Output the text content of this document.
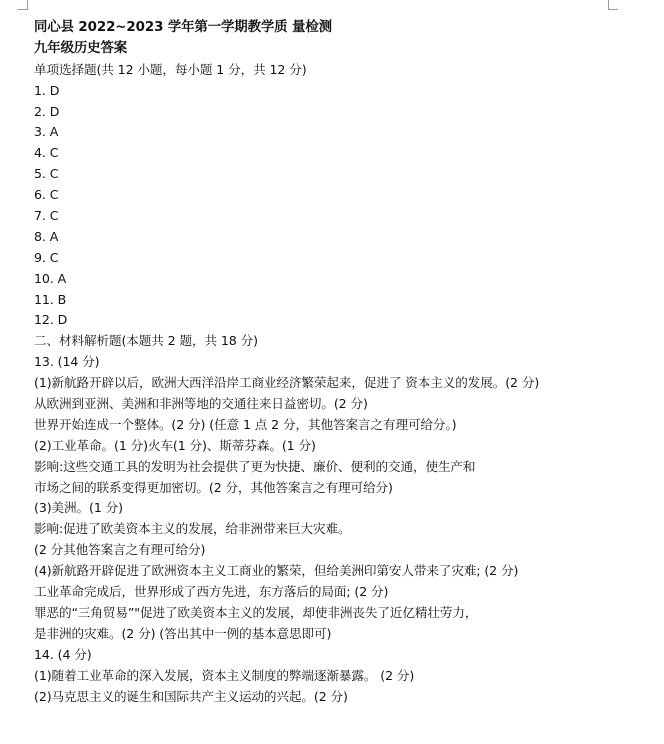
同心县 2022~2023 学年第一学期教学质 量检测
九年级历史答案
单项选择题(共 12 小题，每小题 1 分，共 12 分)
1. D
2. D
3. A
4. C
5. C
6. C
7. C
8. A
9. C
10. A
11. B
12. D
二、材料解析题(本题共 2 题，共 18 分)
13. (14 分)
(1)新航路开辟以后，欧洲大西洋沿岸工商业经济繁荣起来，促进了 资本主义的发展。(2 分)
从欧洲到亚洲、美洲和非洲等地的交通往来日益密切。(2 分)
世界开始连成一个整体。(2 分) (任意 1 点 2 分，其他答案言之有理可给分。)
(2)工业革命。(1 分)火车(1 分)、斯蒂芬森。(1 分)
影响:这些交通工具的发明为社会提供了更为快捷、廉价、便利的交通，使生产和
市场之间的联系变得更加密切。(2 分，其他答案言之有理可给分)
(3)美洲。(1 分)
影响:促进了欧美资本主义的发展，给非洲带来巨大灾难。
(2 分其他答案言之有理可给分)
(4)新航路开辟促进了欧洲资本主义工商业的繁荣，但给美洲印第安人带来了灾难; (2 分)
工业革命完成后，世界形成了西方先进，东方落后的局面; (2 分)
罪恶的“三角贸易”"促进了欧美资本主义的发展，却使非洲丧失了近亿精壮劳力，
是非洲的灾难。(2 分) (答出其中一例的基本意思即可)
14. (4 分)
(1)随着工业革命的深入发展，资本主义制度的弊端逐渐暴露。 (2 分)
(2)马克思主义的诞生和国际共产主义运动的兴起。(2 分)
